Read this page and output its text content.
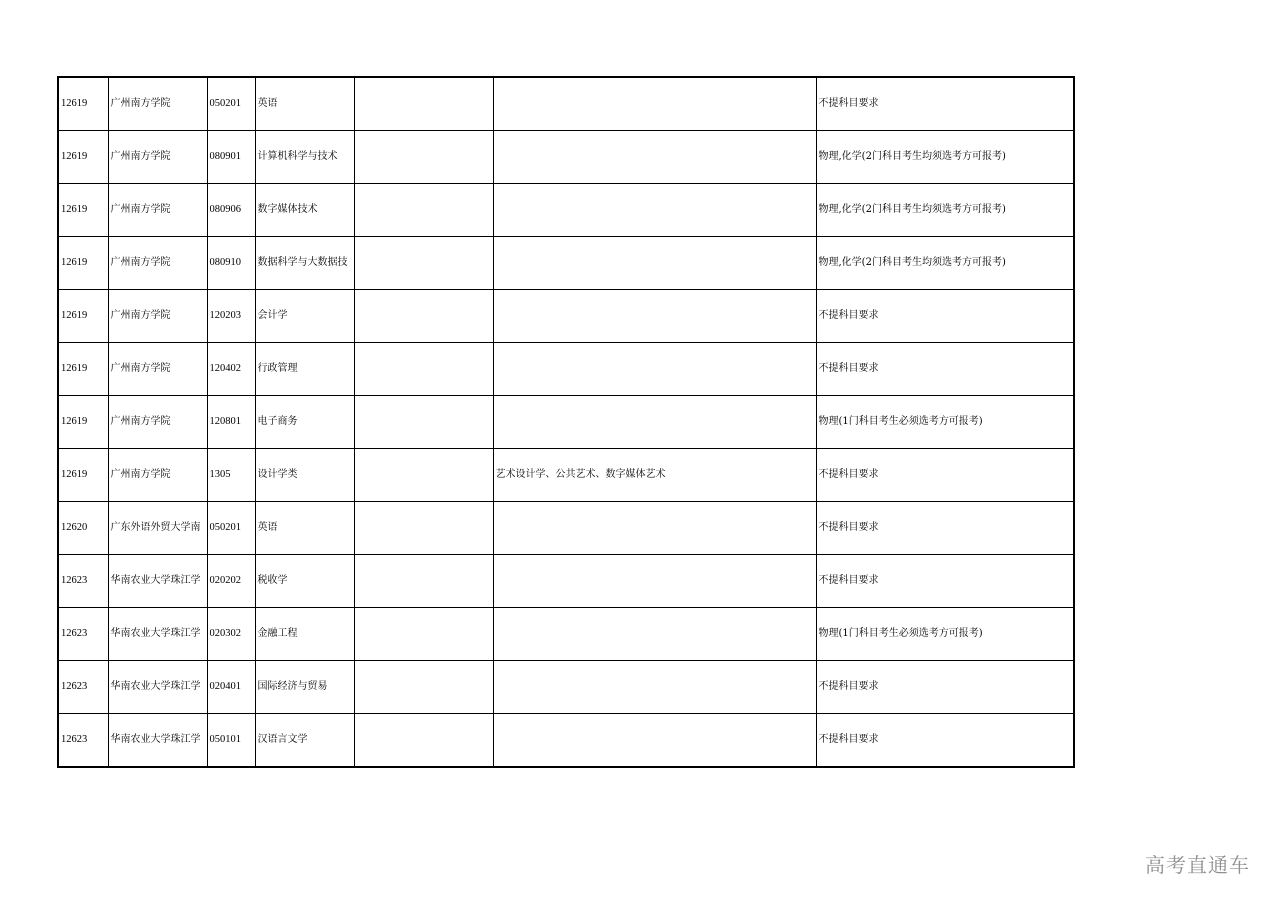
12619	广州南方学院	050201	英语			不提科目要求
12619	广州南方学院	080901	计算机科学与技术			物理,化学(2门科目考生均须选考方可报考)
12619	广州南方学院	080906	数字媒体技术			物理,化学(2门科目考生均须选考方可报考)
12619	广州南方学院	080910	数据科学与大数据技			物理,化学(2门科目考生均须选考方可报考)
12619	广州南方学院	120203	会计学			不提科目要求
12619	广州南方学院	120402	行政管理			不提科目要求
12619	广州南方学院	120801	电子商务			物理(1门科目考生必须选考方可报考)
12619	广州南方学院	1305	设计学类		艺术设计学、公共艺术、数字媒体艺术	不提科目要求
12620	广东外语外贸大学南	050201	英语			不提科目要求
12623	华南农业大学珠江学	020202	税收学			不提科目要求
12623	华南农业大学珠江学	020302	金融工程			物理(1门科目考生必须选考方可报考)
12623	华南农业大学珠江学	020401	国际经济与贸易			不提科目要求
12623	华南农业大学珠江学	050101	汉语言文学			不提科目要求
高考直通车
